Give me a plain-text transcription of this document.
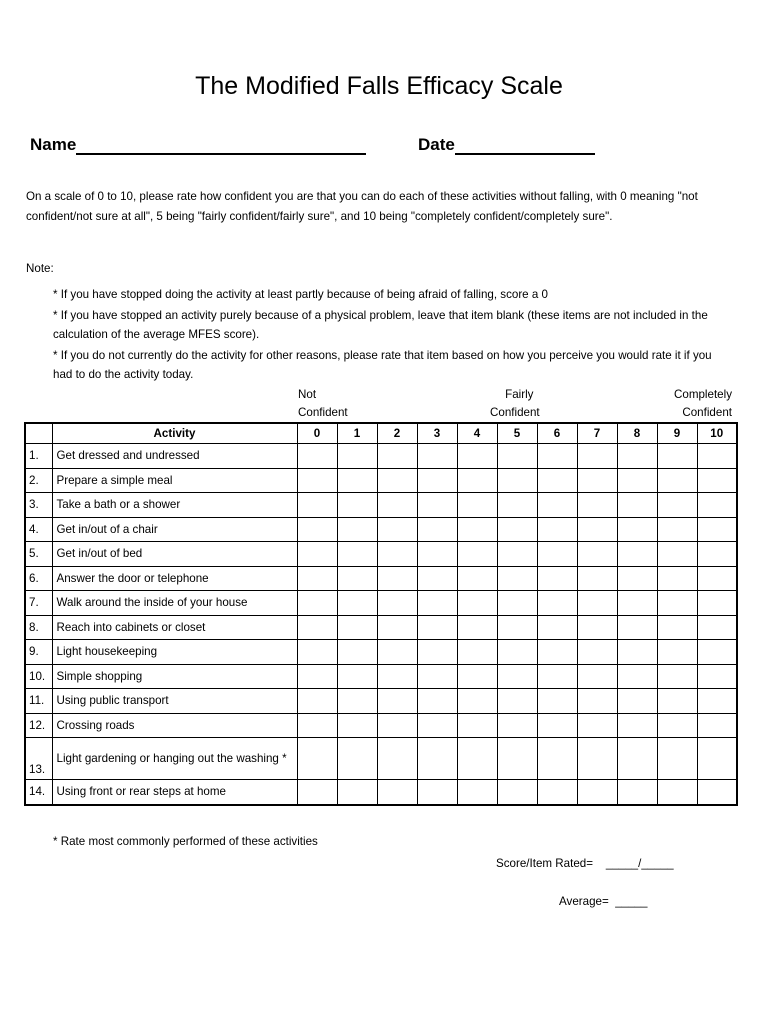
The Modified Falls Efficacy Scale
Name	Date
On a scale of 0 to 10, please rate how confident you are that you can do each of these activities without falling, with 0 meaning "not confident/not sure at all", 5 being "fairly confident/fairly sure", and 10 being "completely confident/completely sure".
Note:
* If you have stopped doing the activity at least partly because of being afraid of falling, score a 0
* If you have stopped an activity purely because of a physical problem, leave that item blank (these items are not included in the calculation of the average MFES score).
* If you do not currently do the activity for other reasons, please rate that item based on how you perceive you would rate it if you had to do the activity today.
Not
Confident
Fairly
Confident
Completely
Confident
	Activity	0	1	2	3	4	5	6	7	8	9	10
1.	Get dressed and undressed											
2.	Prepare a simple meal											
3.	Take a bath or a shower											
4.	Get in/out of a chair											
5.	Get in/out of bed											
6.	Answer the door or telephone											
7.	Walk around the inside of your house											
8.	Reach into cabinets or closet											
9.	Light housekeeping											
10.	Simple shopping											
11.	Using public transport											
12.	Crossing roads											
13.	Light gardening or hanging out the washing *											
14.	Using front or rear steps at home											
* Rate most commonly performed of these activities
Score/Item Rated= _____/_____
Average= _____
